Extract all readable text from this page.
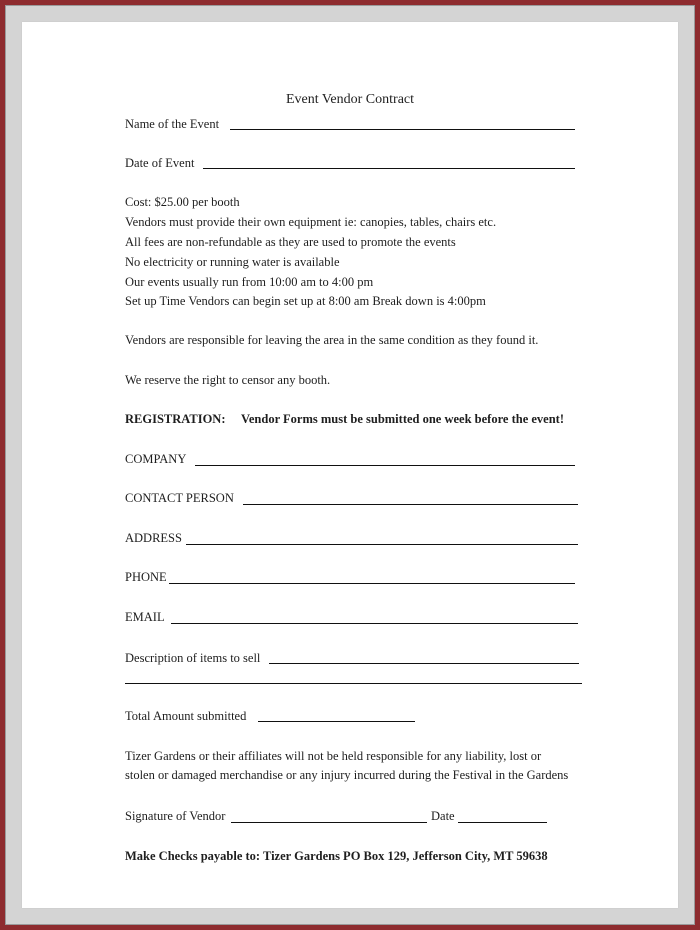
Event Vendor Contract
Name of the Event
Date of Event
Cost: $25.00 per booth
Vendors must provide their own equipment ie: canopies, tables, chairs etc.
All fees are non-refundable as they are used to promote the events
No electricity or running water is available
Our events usually run from 10:00 am to 4:00 pm
Set up Time Vendors can begin set up at 8:00 am Break down is 4:00pm
Vendors are responsible for leaving the area in the same condition as they found it.
We reserve the right to censor any booth.
REGISTRATION: Vendor Forms must be submitted one week before the event!
COMPANY
CONTACT PERSON
ADDRESS
PHONE
EMAIL
Description of items to sell
Total Amount submitted
Tizer Gardens or their affiliates will not be held responsible for any liability, lost or
stolen or damaged merchandise or any injury incurred during the Festival in the Gardens
Signature of Vendor	Date
Make Checks payable to: Tizer Gardens PO Box 129, Jefferson City, MT 59638
